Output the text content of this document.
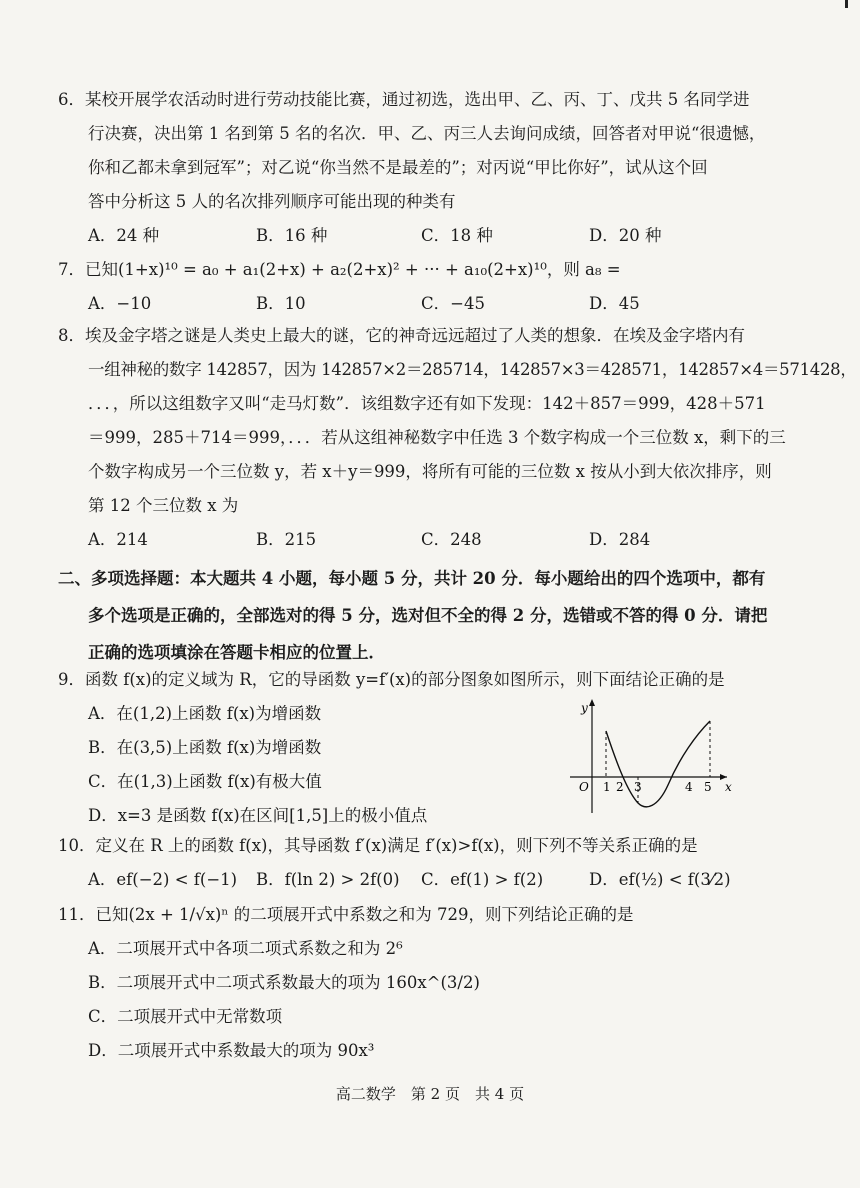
6．某校开展学农活动时进行劳动技能比赛，通过初选，选出甲、乙、丙、丁、戊共 5 名同学进
行决赛，决出第 1 名到第 5 名的名次．甲、乙、丙三人去询问成绩，回答者对甲说“很遗憾，
你和乙都未拿到冠军”；对乙说“你当然不是最差的”；对丙说“甲比你好”，试从这个回
答中分析这 5 人的名次排列顺序可能出现的种类有
A．24 种	B．16 种	C．18 种	D．20 种
7．已知(1+x)¹⁰ = a₀ + a₁(2+x) + a₂(2+x)² + ··· + a₁₀(2+x)¹⁰，则 a₈ =
A．−10	B．10	C．−45	D．45
8．埃及金字塔之谜是人类史上最大的谜，它的神奇远远超过了人类的想象．在埃及金字塔内有
一组神秘的数字 142857，因为 142857×2＝285714，142857×3＝428571，142857×4＝571428，
．．．，所以这组数字又叫“走马灯数”．该组数字还有如下发现：142＋857＝999，428＋571
＝999，285＋714＝999，．．．若从这组神秘数字中任选 3 个数字构成一个三位数 x，剩下的三
个数字构成另一个三位数 y，若 x＋y＝999，将所有可能的三位数 x 按从小到大依次排序，则
第 12 个三位数 x 为
A．214	B．215	C．248	D．284
二、多项选择题：本大题共 4 小题，每小题 5 分，共计 20 分．每小题给出的四个选项中，都有
多个选项是正确的，全部选对的得 5 分，选对但不全的得 2 分，选错或不答的得 0 分．请把
正确的选项填涂在答题卡相应的位置上．
9．函数 f(x)的定义域为 R，它的导函数 y=f′(x)的部分图象如图所示，则下面结论正确的是
A．在(1,2)上函数 f(x)为增函数
B．在(3,5)上函数 f(x)为增函数
C．在(1,3)上函数 f(x)有极大值
D．x=3 是函数 f(x)在区间[1,5]上的极小值点
y
x
O 1 2 3	4 5
10．定义在 R 上的函数 f(x)，其导函数 f′(x)满足 f′(x)>f(x)，则下列不等关系正确的是
A．ef(−2) < f(−1)	B．f(ln 2) > 2f(0)	C．ef(1) > f(2)	D．ef(½) < f(3⁄2)
11．已知(2x + 1/√x)ⁿ 的二项展开式中系数之和为 729，则下列结论正确的是
A．二项展开式中各项二项式系数之和为 2⁶
B．二项展开式中二项式系数最大的项为 160x^(3/2)
C．二项展开式中无常数项
D．二项展开式中系数最大的项为 90x³
高二数学　第 2 页　共 4 页
